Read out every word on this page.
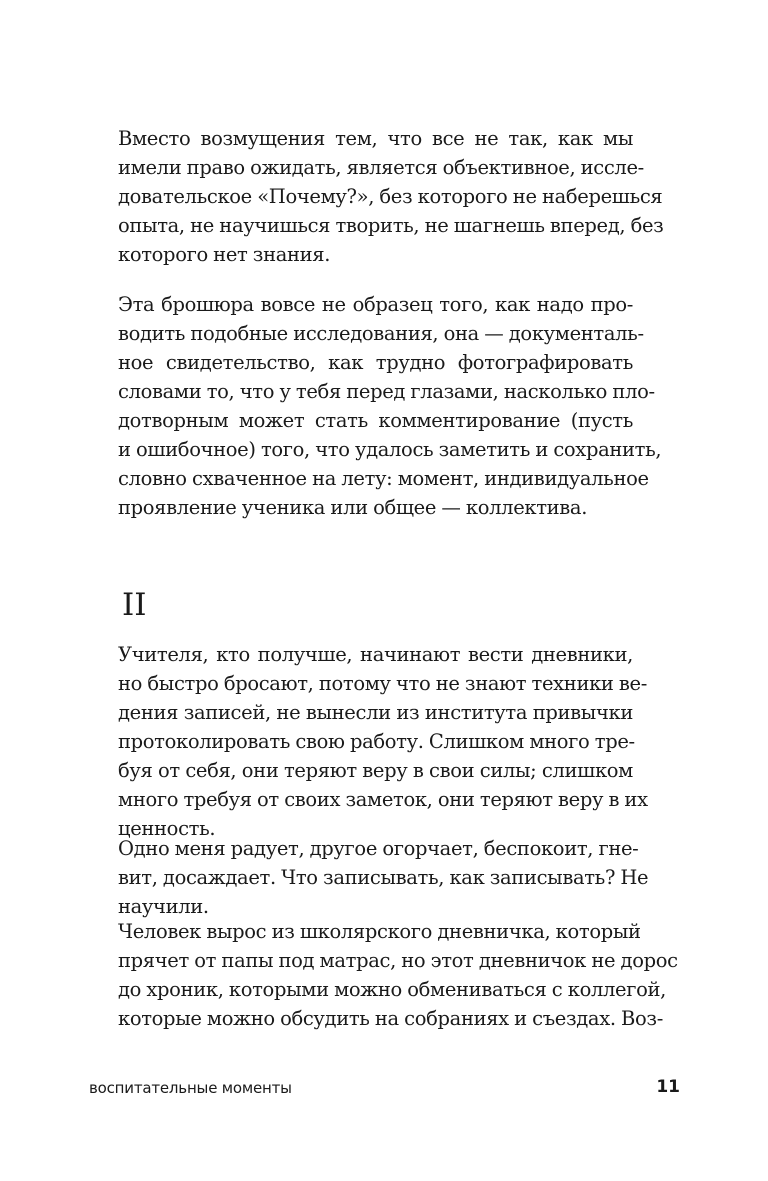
Вместо возмущения тем, что все не так, как мы
имели право ожидать, является объективное, иссле-
довательское «Почему?», без которого не наберешься
опыта, не научишься творить, не шагнешь вперед, без
которого нет знания.
Эта брошюра вовсе не образец того, как надо про-
водить подобные исследования, она — документаль-
ное свидетельство, как трудно фотографировать
словами то, что у тебя перед глазами, насколько пло-
дотворным может стать комментирование (пусть
и ошибочное) того, что удалось заметить и сохранить,
словно схваченное на лету: момент, индивидуальное
проявление ученика или общее — коллектива.
II
Учителя, кто получше, начинают вести дневники,
но быстро бросают, потому что не знают техники ве-
дения записей, не вынесли из института привычки
протоколировать свою работу. Слишком много тре-
буя от себя, они теряют веру в свои силы; слишком
много требуя от своих заметок, они теряют веру в их
ценность.
Одно меня радует, другое огорчает, беспокоит, гне-
вит, досаждает. Что записывать, как записывать? Не
научили.
Человек вырос из школярского дневничка, который
прячет от папы под матрас, но этот дневничок не дорос
до хроник, которыми можно обмениваться с коллегой,
которые можно обсудить на собраниях и съездах. Воз-
воспитательные моменты	11
